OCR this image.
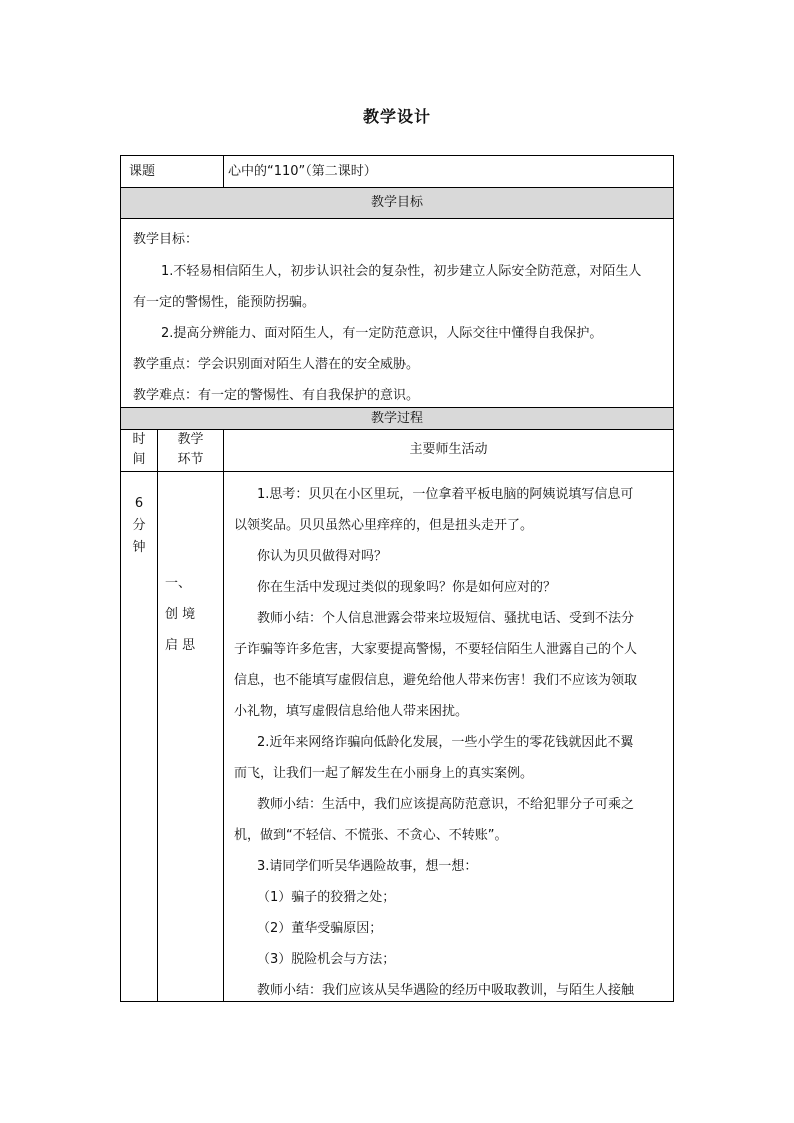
教学设计
课题	心中的“110”（第二课时）
教学目标
教学目标：
1.不轻易相信陌生人，初步认识社会的复杂性，初步建立人际安全防范意，对陌生人
有一定的警惕性，能预防拐骗。
2.提高分辨能力、面对陌生人，有一定防范意识，人际交往中懂得自我保护。
教学重点：学会识别面对陌生人潜在的安全威胁。
教学难点：有一定的警惕性、有自我保护的意识。
教学过程
时
间
教学
环节
主要师生活动
6
分
钟
一、
创 境
启 思
1.思考：贝贝在小区里玩，一位拿着平板电脑的阿姨说填写信息可
以领奖品。贝贝虽然心里痒痒的，但是扭头走开了。
你认为贝贝做得对吗？
你在生活中发现过类似的现象吗？你是如何应对的？
教师小结：个人信息泄露会带来垃圾短信、骚扰电话、受到不法分
子诈骗等许多危害，大家要提高警惕，不要轻信陌生人泄露自己的个人
信息，也不能填写虚假信息，避免给他人带来伤害！我们不应该为领取
小礼物，填写虚假信息给他人带来困扰。
2.近年来网络诈骗向低龄化发展，一些小学生的零花钱就因此不翼
而飞，让我们一起了解发生在小丽身上的真实案例。
教师小结：生活中，我们应该提高防范意识，不给犯罪分子可乘之
机，做到“不轻信、不慌张、不贪心、不转账”。
3.请同学们听吴华遇险故事，想一想：
（1）骗子的狡猾之处；
（2）董华受骗原因；
（3）脱险机会与方法；
教师小结：我们应该从吴华遇险的经历中吸取教训，与陌生人接触
